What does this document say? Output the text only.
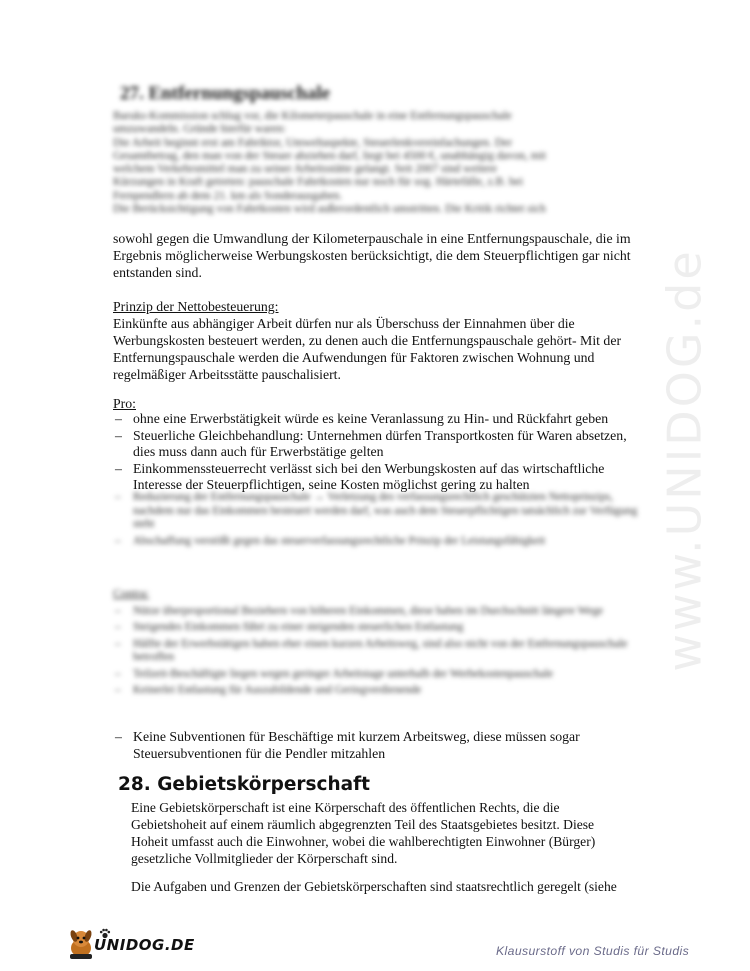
www.UNIDOG.de
27. Entfernungspauschale
Baruks-Kommission schlug vor, die Kilometerpauschale in eine Entfernungspauschale
umzuwandeln. Gründe hierfür waren:
Die Arbeit beginnt erst am Fabriktor, Umweltaspekte, Steuerlenkvereinfachungen. Der
Gesamtbetrag, den man von der Steuer abziehen darf, liegt bei 4500 €, unabhängig davon, mit
welchem Verkehrsmittel man zu seiner Arbeitsstätte gelangt. Seit 2007 sind weitere
Kürzungen in Kraft getreten: pauschale Fahrtkosten nur noch für sog. Härtefälle, z.B. bei
Fernpendlern ab dem 21. km als Sonderausgaben.
Die Berücksichtigung von Fahrtkosten wird außerordentlich umstritten. Die Kritik richtet sich
sowohl gegen die Umwandlung der Kilometerpauschale in eine Entfernungspauschale, die im Ergebnis möglicherweise Werbungskosten berücksichtigt, die dem Steuerpflichtigen gar nicht entstanden sind.
Prinzip der Nettobesteuerung:
Einkünfte aus abhängiger Arbeit dürfen nur als Überschuss der Einnahmen über die Werbungskosten besteuert werden, zu denen auch die Entfernungspauschale gehört- Mit der Entfernungspauschale werden die Aufwendungen für Faktoren zwischen Wohnung und regelmäßiger Arbeitsstätte pauschalisiert.
Pro:
– ohne eine Erwerbstätigkeit würde es keine Veranlassung zu Hin- und Rückfahrt geben
– Steuerliche Gleichbehandlung: Unternehmen dürfen Transportkosten für Waren absetzen, dies muss dann auch für Erwerbstätige gelten
– Einkommenssteuerrecht verlässt sich bei den Werbungskosten auf das wirtschaftliche Interesse der Steuerpflichtigen, seine Kosten möglichst gering zu halten
– Reduzierung der Entfernungspauschale → Verletzung des verfassungsrechtlich geschützten Nettoprinzips, nachdem nur das Einkommen besteuert werden darf, was auch dem Steuerpflichtigen tatsächlich zur Verfügung steht
– Abschaffung verstößt gegen das steuerverfassungsrechtliche Prinzip der Leistungsfähigkeit
Contra:
– Nütze überproportional Beziehern von höheren Einkommen, diese haben im Durchschnitt längere Wege
– Steigendes Einkommen führt zu einer steigenden steuerlichen Entlastung
– Hälfte der Erwerbstätigen haben eher einen kurzen Arbeitsweg, sind also nicht von der Entfernungspauschale betroffen
– Teilzeit-Beschäftigte liegen wegen geringer Arbeitstage unterhalb der Werbekostenpauschale
– Keinerlei Entlastung für Auszubildende und Geringverdienende
– Keine Subventionen für Beschäftige mit kurzem Arbeitsweg, diese müssen sogar Steuersubventionen für die Pendler mitzahlen
28. Gebietskörperschaft
Eine Gebietskörperschaft ist eine Körperschaft des öffentlichen Rechts, die die Gebietshoheit auf einem räumlich abgegrenzten Teil des Staatsgebietes besitzt. Diese Hoheit umfasst auch die Einwohner, wobei die wahlberechtigten Einwohner (Bürger) gesetzliche Vollmitglieder der Körperschaft sind.
Die Aufgaben und Grenzen der Gebietskörperschaften sind staatsrechtlich geregelt (siehe
UNIDOG.DE	Klausurstoff von Studis für Studis
